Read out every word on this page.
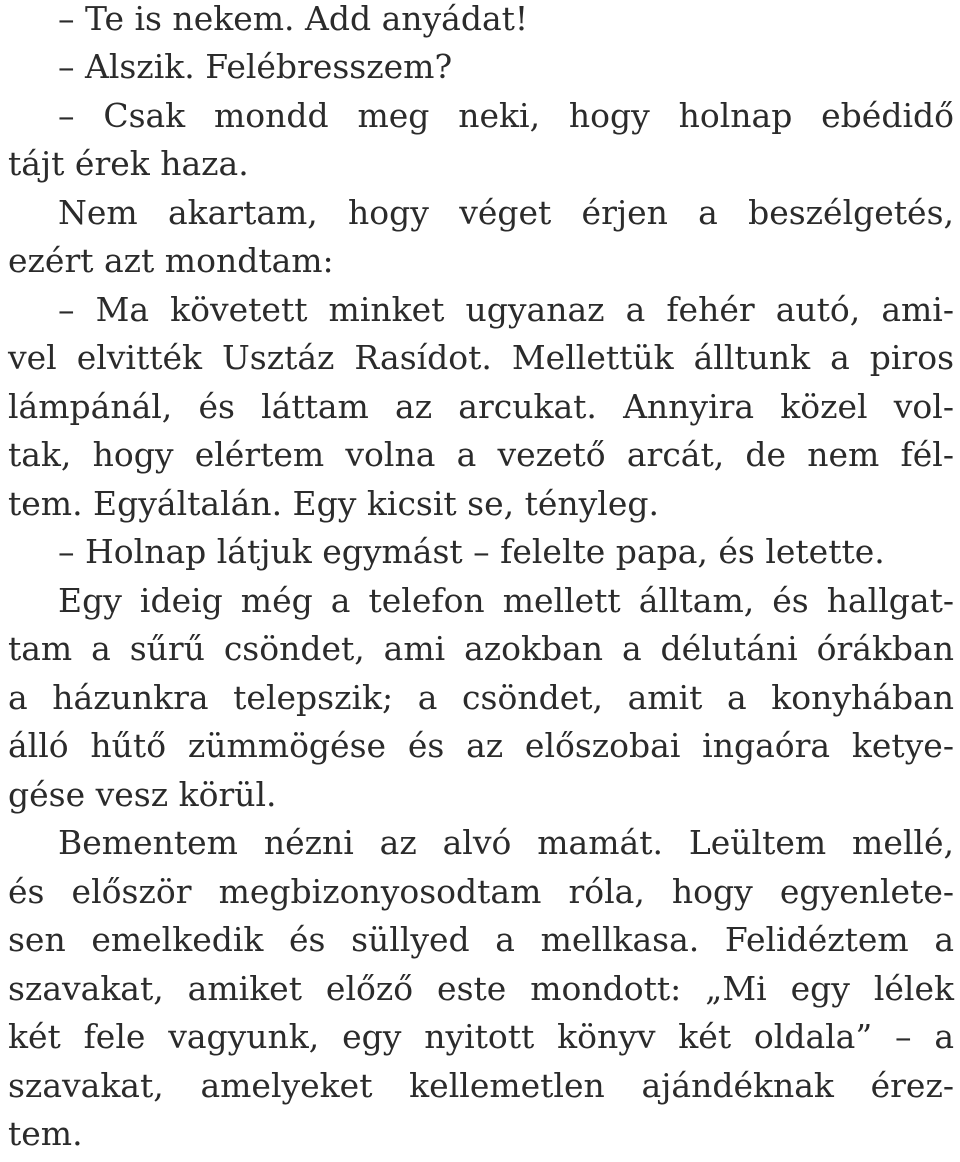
– Te is nekem. Add anyádat!
– Alszik. Felébresszem?
– Csak mondd meg neki, hogy holnap ebédidő
tájt érek haza.
Nem akartam, hogy véget érjen a beszélgetés,
ezért azt mondtam:
– Ma követett minket ugyanaz a fehér autó, ami-
vel elvitték Usztáz Rasídot. Mellettük álltunk a piros
lámpánál, és láttam az arcukat. Annyira közel vol-
tak, hogy elértem volna a vezető arcát, de nem fél-
tem. Egyáltalán. Egy kicsit se, tényleg.
– Holnap látjuk egymást – felelte papa, és letette.
Egy ideig még a telefon mellett álltam, és hallgat-
tam a sűrű csöndet, ami azokban a délutáni órákban
a házunkra telepszik; a csöndet, amit a konyhában
álló hűtő zümmögése és az előszobai ingaóra ketye-
gése vesz körül.
Bementem nézni az alvó mamát. Leültem mellé,
és először megbizonyosodtam róla, hogy egyenlete-
sen emelkedik és süllyed a mellkasa. Felidéztem a
szavakat, amiket előző este mondott: „Mi egy lélek
két fele vagyunk, egy nyitott könyv két oldala” – a
szavakat, amelyeket kellemetlen ajándéknak érez-
tem.
